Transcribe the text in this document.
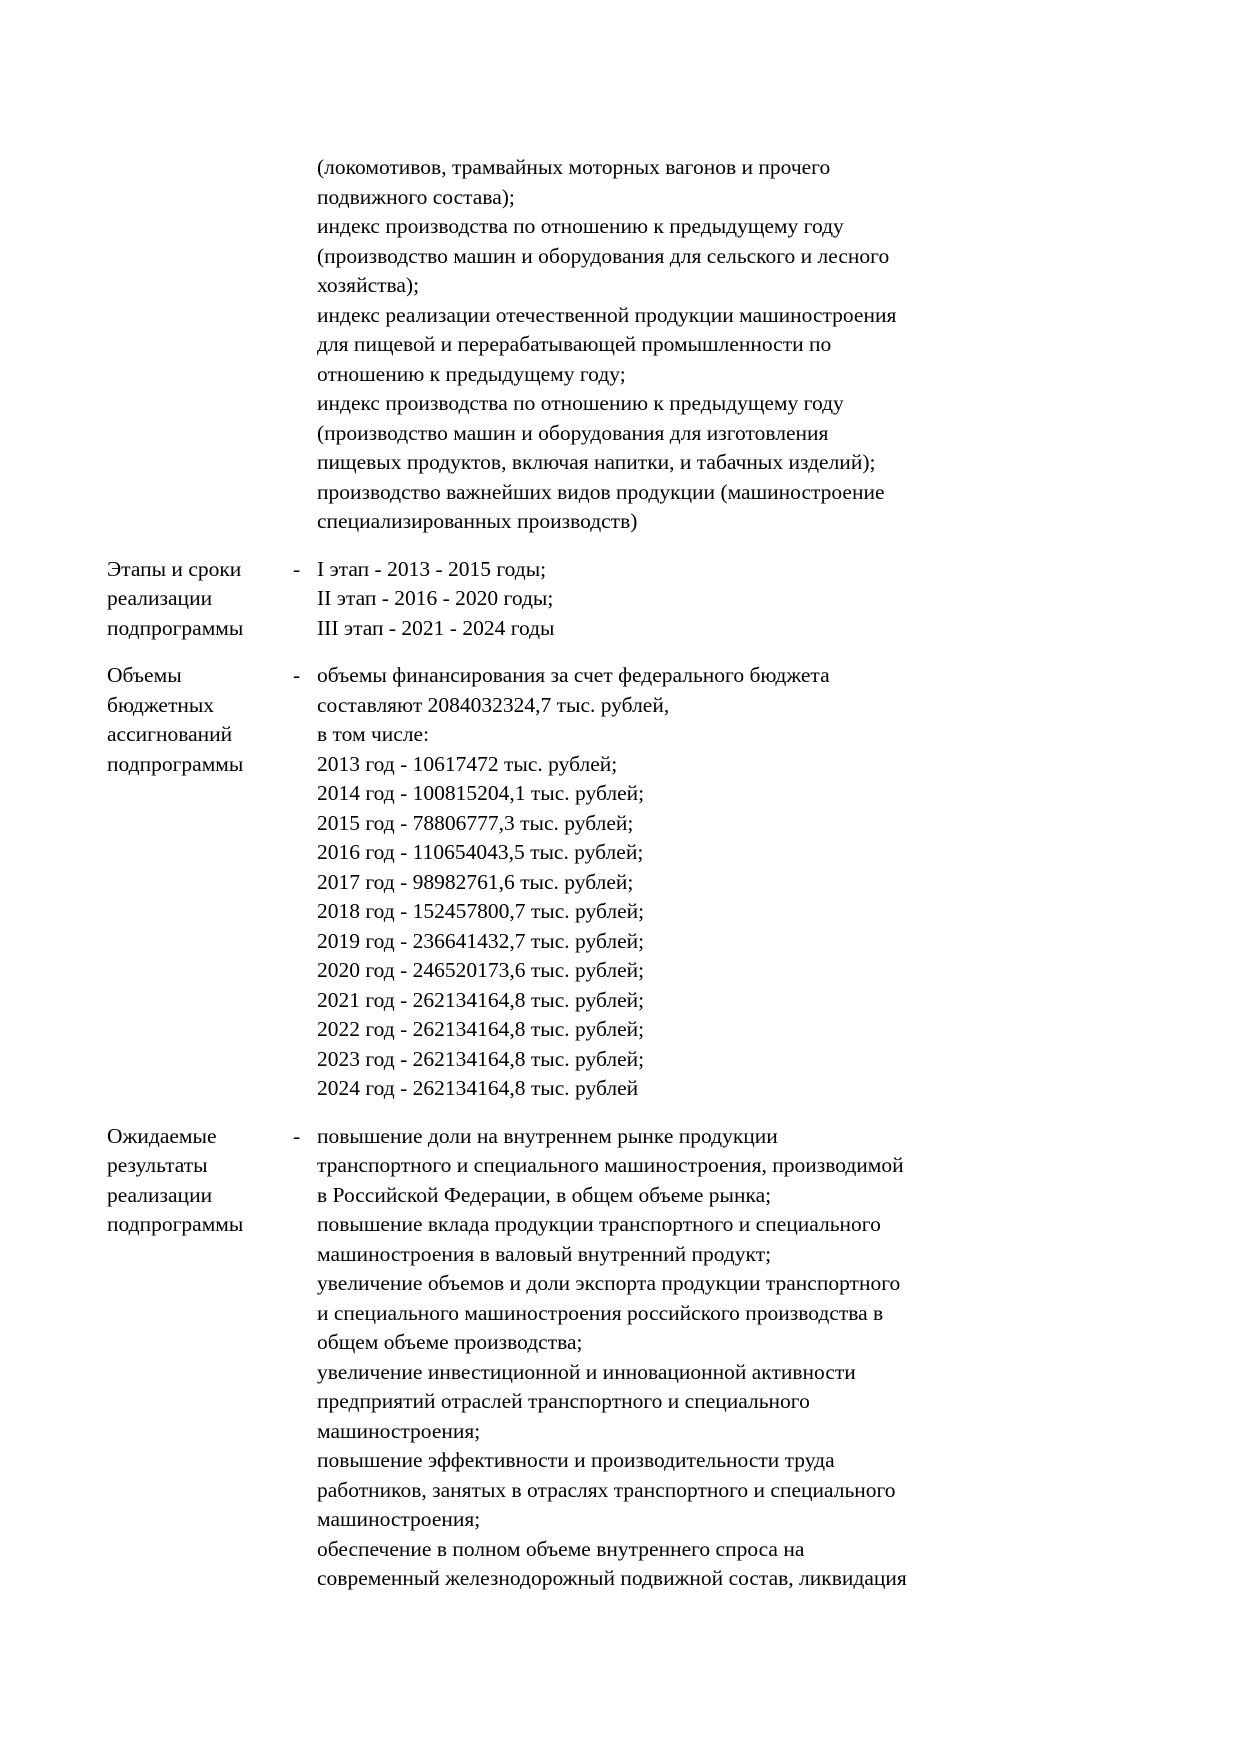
(локомотивов, трамвайных моторных вагонов и прочего
подвижного состава);
индекс производства по отношению к предыдущему году
(производство машин и оборудования для сельского и лесного
хозяйства);
индекс реализации отечественной продукции машиностроения
для пищевой и перерабатывающей промышленности по
отношению к предыдущему году;
индекс производства по отношению к предыдущему году
(производство машин и оборудования для изготовления
пищевых продуктов, включая напитки, и табачных изделий);
производство важнейших видов продукции (машиностроение
специализированных производств)
Этапы и сроки
реализации
подпрограммы
- I этап - 2013 - 2015 годы;
II этап - 2016 - 2020 годы;
III этап - 2021 - 2024 годы
Объемы
бюджетных
ассигнований
подпрограммы
- объемы финансирования за счет федерального бюджета
составляют 2084032324,7 тыс. рублей,
в том числе:
2013 год - 10617472 тыс. рублей;
2014 год - 100815204,1 тыс. рублей;
2015 год - 78806777,3 тыс. рублей;
2016 год - 110654043,5 тыс. рублей;
2017 год - 98982761,6 тыс. рублей;
2018 год - 152457800,7 тыс. рублей;
2019 год - 236641432,7 тыс. рублей;
2020 год - 246520173,6 тыс. рублей;
2021 год - 262134164,8 тыс. рублей;
2022 год - 262134164,8 тыс. рублей;
2023 год - 262134164,8 тыс. рублей;
2024 год - 262134164,8 тыс. рублей
Ожидаемые
результаты
реализации
подпрограммы
- повышение доли на внутреннем рынке продукции
транспортного и специального машиностроения, производимой
в Российской Федерации, в общем объеме рынка;
повышение вклада продукции транспортного и специального
машиностроения в валовый внутренний продукт;
увеличение объемов и доли экспорта продукции транспортного
и специального машиностроения российского производства в
общем объеме производства;
увеличение инвестиционной и инновационной активности
предприятий отраслей транспортного и специального
машиностроения;
повышение эффективности и производительности труда
работников, занятых в отраслях транспортного и специального
машиностроения;
обеспечение в полном объеме внутреннего спроса на
современный железнодорожный подвижной состав, ликвидация
